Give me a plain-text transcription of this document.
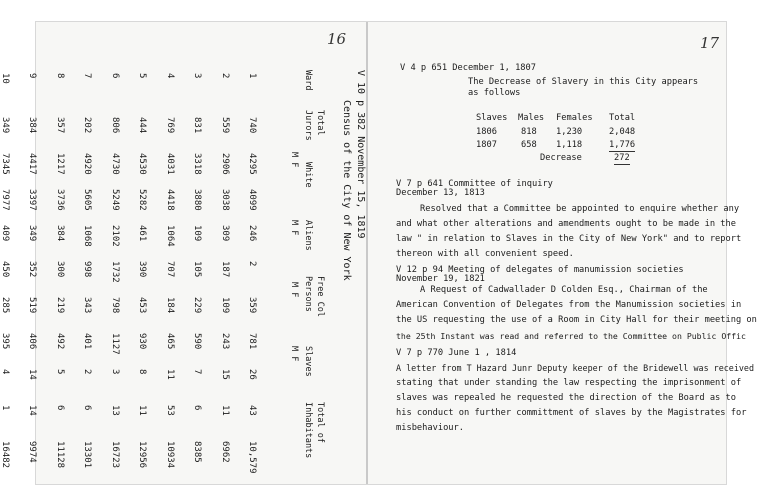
16	17
V 10 p 382 November 15, 1819
Census of the City of New York
Ward
Total Jurors
White
M F
Aliens
M F
Free Col Persons
M F
Slaves
M F
Total of Inhabitants
1	740	4295	4099	246	2	359	781	26	43	10,579
2	559	2906	3038	309	187	109	243	15	11	6962
3	831	3318	3880	109	105	229	590	7	6	8385
4	769	4031	4418	1064	707	184	465	11	53	10934
5	444	4530	5282	461	390	453	930	8	11	12956
6	806	4730	5249	2102	1732	798	1127	3	13	16723
7	202	4920	5605	1068	998	343	401	2	6	13301
8	357	1217	3736	384	300	219	492	5	6	11128
9	384	4417	3397	349	352	519	406	14	14	9974
10	349	7345	7977	409	450	285	395	4	1	16482

V 4 p 651 December 1, 1807
The Decrease of Slavery in this City appears
as follows
Slaves Males Females Total
1806	818 1,230	2,048
1807	658 1,118	1,776
Decrease	272
V 7 p 641 Committee of inquiry
December 13, 1813
Resolved that a Committee be appointed to enquire whether any
and what other alterations and amendments ought to be made in the
law " in relation to Slaves in the City of New York" and to report
thereon with all convenient speed.
V 12 p 94 Meeting of delegates of manumission societies
November 19, 1821
A Request of Cadwallader D Colden Esq., Chairman of the
American Convention of Delegates from the Manumission societies in
the US requesting the use of a Room in City Hall for their meeting on
the 25th Instant was read and referred to the Committee on Public Offic
V 7 p 770 June 1 , 1814
A letter from T Hazard Junr Deputy keeper of the Bridewell was received
stating that under standing the law respecting the imprisonment of
slaves was repealed he requested the direction of the Board as to
his conduct on further committment of slaves by the Magistrates for
misbehaviour.
